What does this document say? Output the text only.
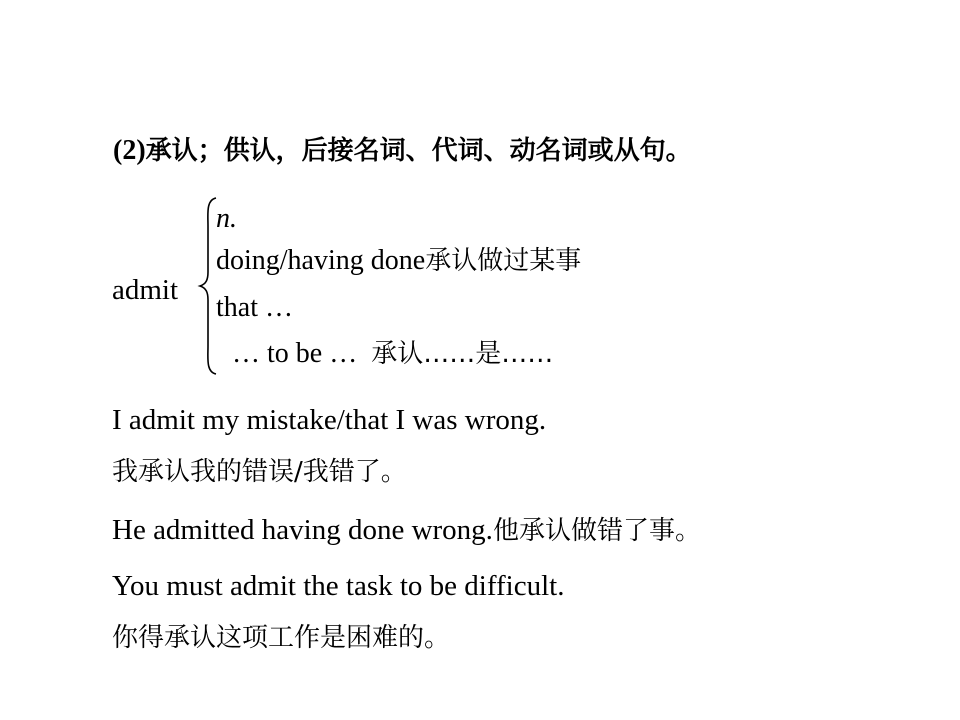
(2)承认；供认，后接名词、代词、动名词或从句。
admit
n.
doing/having done承认做过某事
that …
… to be … 承认……是……
I admit my mistake/that I was wrong.
我承认我的错误/我错了。
He admitted having done wrong.他承认做错了事。
You must admit the task to be difficult.
你得承认这项工作是困难的。
